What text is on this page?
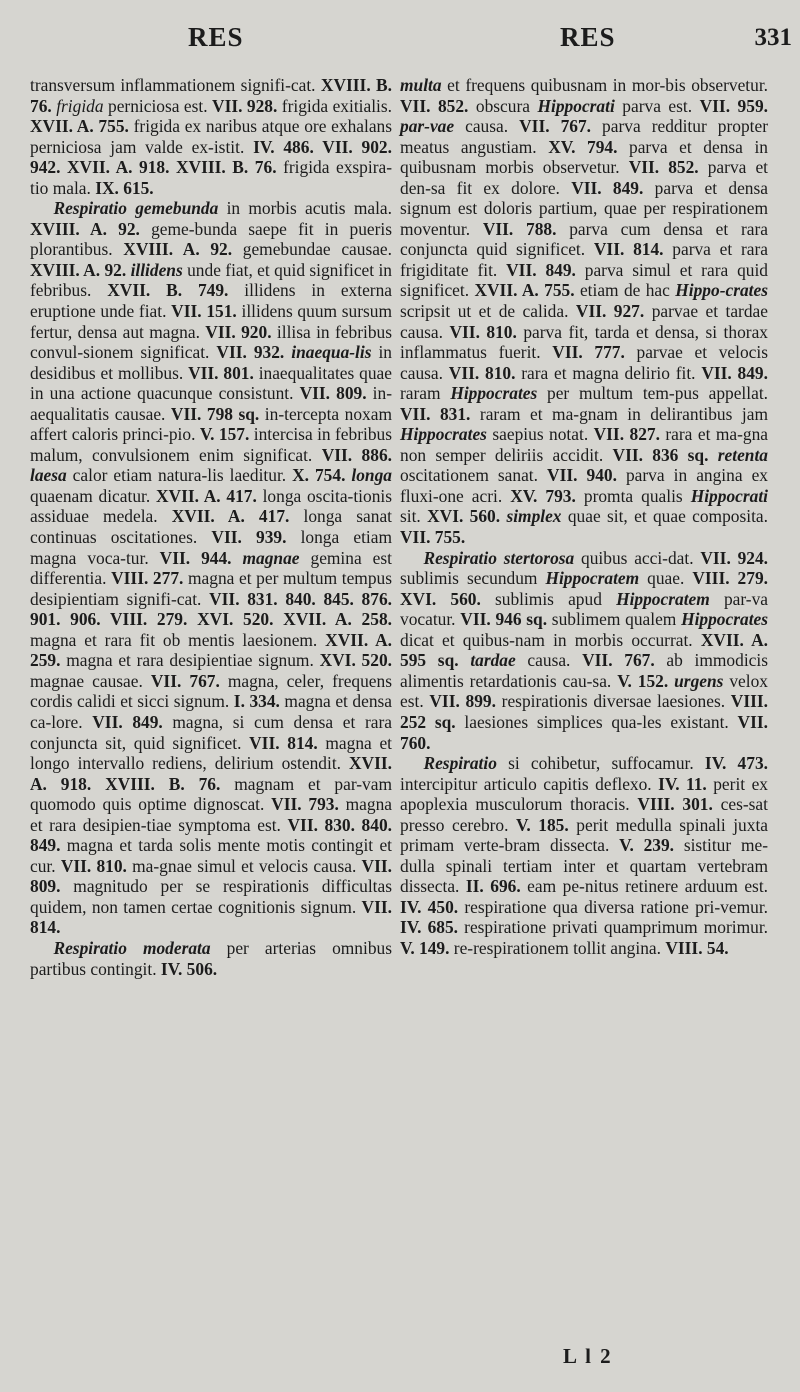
RES	RES	331

transversum inflammationem signifi-cat. XVIII. B. 76. frigida perniciosa est. VII. 928. frigida exitialis. XVII. A. 755. frigida ex naribus atque ore exhalans perniciosa jam valde ex-istit. IV. 486. VII. 902. 942. XVII. A. 918. XVIII. B. 76. frigida exspira-tio mala. IX. 615.

Respiratio gemebunda in morbis acutis mala. XVIII. A. 92. geme-bunda saepe fit in pueris plorantibus. XVIII. A. 92. gemebundae causae. XVIII. A. 92. illidens unde fiat, et quid significet in febribus. XVII. B. 749. illidens in externa eruptione unde fiat. VII. 151. illidens quum sursum fertur, densa aut magna. VII. 920. illisa in febribus convul-sionem significat. VII. 932. inaequa-lis in desidibus et mollibus. VII. 801. inaequalitates quae in una actione quacunque consistunt. VII. 809. in-aequalitatis causae. VII. 798 sq. in-tercepta noxam affert caloris princi-pio. V. 157. intercisa in febribus malum, convulsionem enim significat. VII. 886. laesa calor etiam natura-lis laeditur. X. 754. longa quaenam dicatur. XVII. A. 417. longa oscita-tionis assiduae medela. XVII. A. 417. longa sanat continuas oscitationes. VII. 939. longa etiam magna voca-tur. VII. 944. magnae gemina est differentia. VIII. 277. magna et per multum tempus desipientiam signifi-cat. VII. 831. 840. 845. 876. 901. 906. VIII. 279. XVI. 520. XVII. A. 258. magna et rara fit ob mentis laesionem. XVII. A. 259. magna et rara desipientiae signum. XVI. 520. magnae causae. VII. 767. magna, celer, frequens cordis calidi et sicci signum. I. 334. magna et densa ca-lore. VII. 849. magna, si cum densa et rara conjuncta sit, quid significet. VII. 814. magna et longo intervallo rediens, delirium ostendit. XVII. A. 918. XVIII. B. 76. magnam et par-vam quomodo quis optime dignoscat. VII. 793. magna et rara desipien-tiae symptoma est. VII. 830. 840. 849. magna et tarda solis mente motis contingit et cur. VII. 810. ma-gnae simul et velocis causa. VII. 809. magnitudo per se respirationis difficultas quidem, non tamen certae cognitionis signum. VII. 814.

Respiratio moderata per arterias omnibus partibus contingit. IV. 506.

multa et frequens quibusnam in mor-bis observetur. VII. 852. obscura Hippocrati parva est. VII. 959. par-vae causa. VII. 767. parva redditur propter meatus angustiam. XV. 794. parva et densa in quibusnam morbis observetur. VII. 852. parva et den-sa fit ex dolore. VII. 849. parva et densa signum est doloris partium, quae per respirationem moventur. VII. 788. parva cum densa et rara conjuncta quid significet. VII. 814. parva et rara frigiditate fit. VII. 849. parva simul et rara quid significet. XVII. A. 755. etiam de hac Hippo-crates scripsit ut et de calida. VII. 927. parvae et tardae causa. VII. 810. parva fit, tarda et densa, si thorax inflammatus fuerit. VII. 777. parvae et velocis causa. VII. 810. rara et magna delirio fit. VII. 849. raram Hippocrates per multum tem-pus appellat. VII. 831. raram et ma-gnam in delirantibus jam Hippocrates saepius notat. VII. 827. rara et ma-gna non semper deliriis accidit. VII. 836 sq. retenta oscitationem sanat. VII. 940. parva in angina ex fluxi-one acri. XV. 793. promta qualis Hippocrati sit. XVI. 560. simplex quae sit, et quae composita. VII. 755.

Respiratio stertorosa quibus acci-dat. VII. 924. sublimis secundum Hippocratem quae. VIII. 279. XVI. 560. sublimis apud Hippocratem par-va vocatur. VII. 946 sq. sublimem qualem Hippocrates dicat et quibus-nam in morbis occurrat. XVII. A. 595 sq. tardae causa. VII. 767. ab immodicis alimentis retardationis cau-sa. V. 152. urgens velox est. VII. 899. respirationis diversae laesiones. VIII. 252 sq. laesiones simplices qua-les existant. VII. 760.

Respiratio si cohibetur, suffocamur. IV. 473. intercipitur articulo capitis deflexo. IV. 11. perit ex apoplexia musculorum thoracis. VIII. 301. ces-sat presso cerebro. V. 185. perit medulla spinali juxta primam verte-bram dissecta. V. 239. sistitur me-dulla spinali tertiam inter et quartam vertebram dissecta. II. 696. eam pe-nitus retinere arduum est. IV. 450. respiratione qua diversa ratione pri-vemur. IV. 685. respiratione privati quamprimum morimur. V. 149. re-respirationem tollit angina. VIII. 54.

L l 2
